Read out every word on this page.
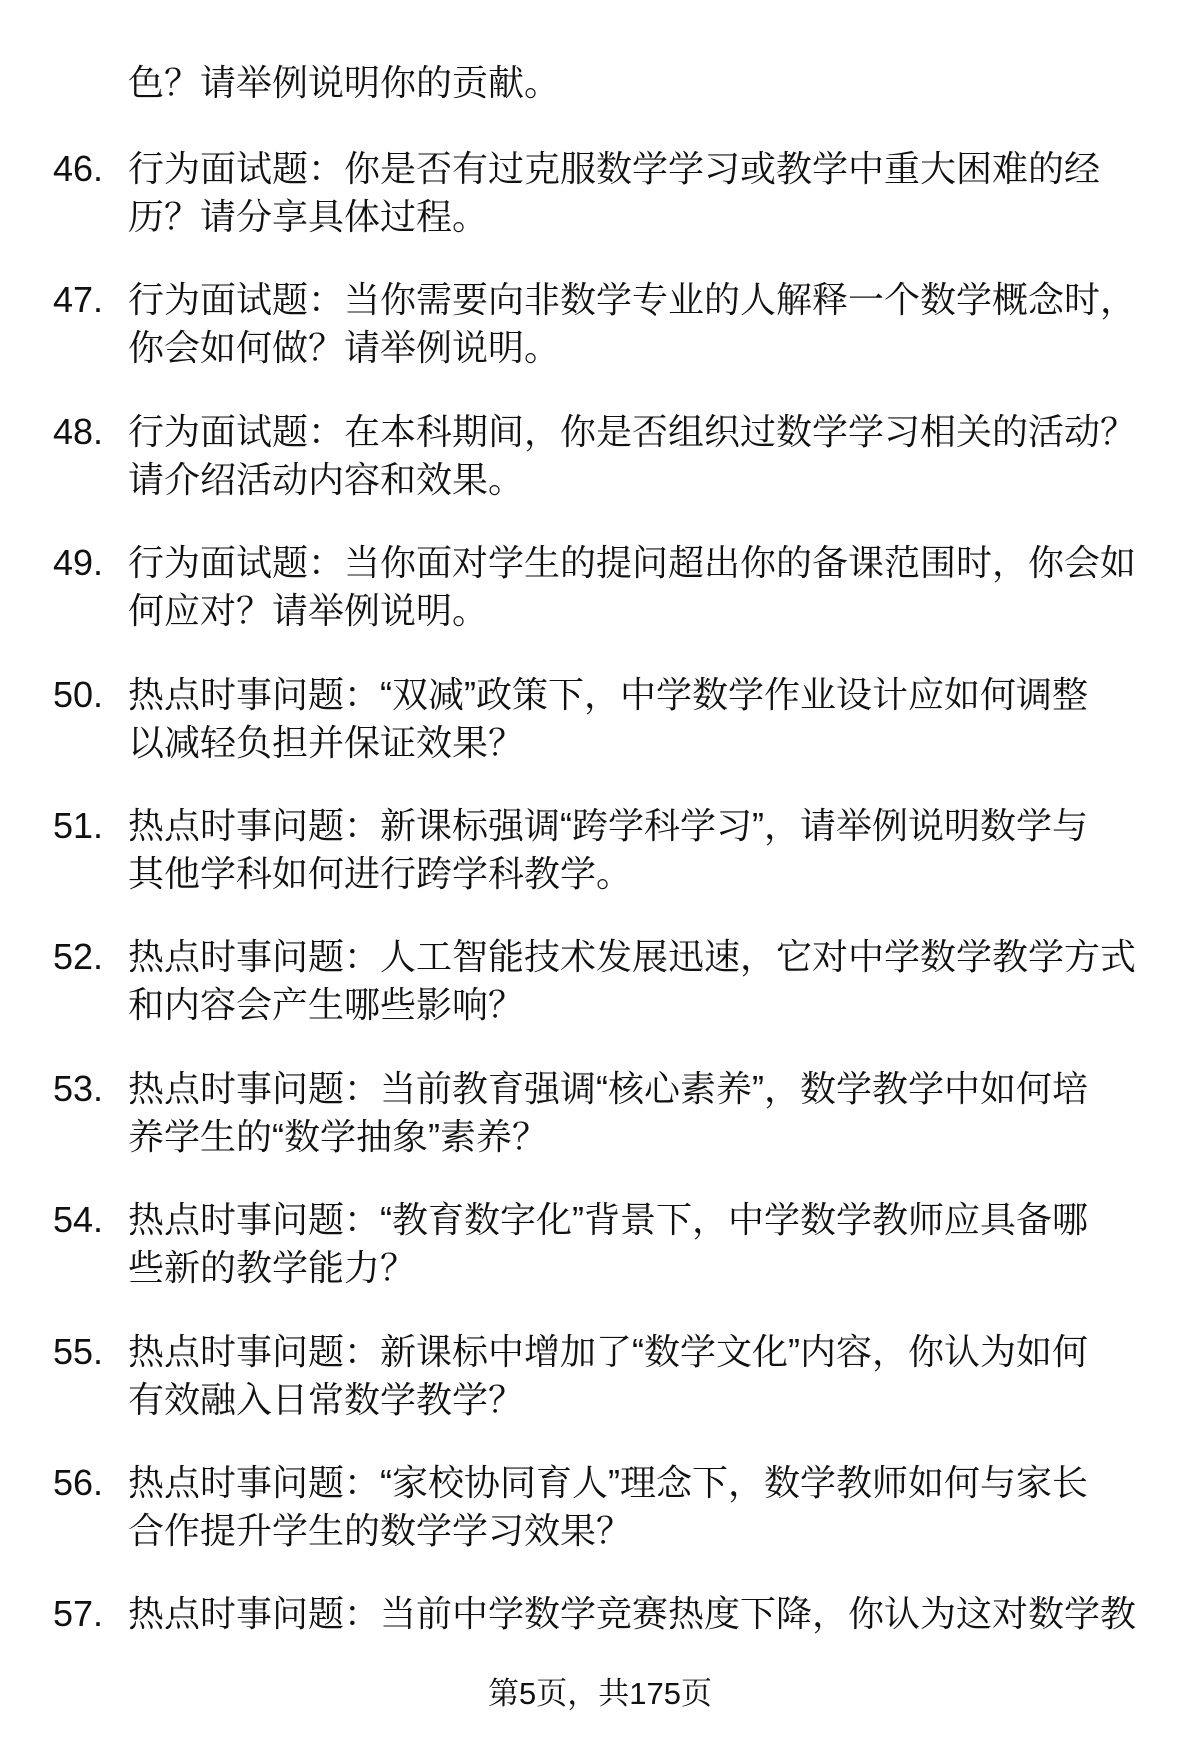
色？请举例说明你的贡献。
46. 行为面试题：你是否有过克服数学学习或教学中重大困难的经
历？请分享具体过程。
47. 行为面试题：当你需要向非数学专业的人解释一个数学概念时，
你会如何做？请举例说明。
48. 行为面试题：在本科期间，你是否组织过数学学习相关的活动？
请介绍活动内容和效果。
49. 行为面试题：当你面对学生的提问超出你的备课范围时，你会如
何应对？请举例说明。
50. 热点时事问题：“双减”政策下，中学数学作业设计应如何调整
以减轻负担并保证效果？
51. 热点时事问题：新课标强调“跨学科学习”，请举例说明数学与
其他学科如何进行跨学科教学。
52. 热点时事问题：人工智能技术发展迅速，它对中学数学教学方式
和内容会产生哪些影响？
53. 热点时事问题：当前教育强调“核心素养”，数学教学中如何培
养学生的“数学抽象”素养？
54. 热点时事问题：“教育数字化”背景下，中学数学教师应具备哪
些新的教学能力？
55. 热点时事问题：新课标中增加了“数学文化”内容，你认为如何
有效融入日常数学教学？
56. 热点时事问题：“家校协同育人”理念下，数学教师如何与家长
合作提升学生的数学学习效果？
57. 热点时事问题：当前中学数学竞赛热度下降，你认为这对数学教
第5页，共175页
